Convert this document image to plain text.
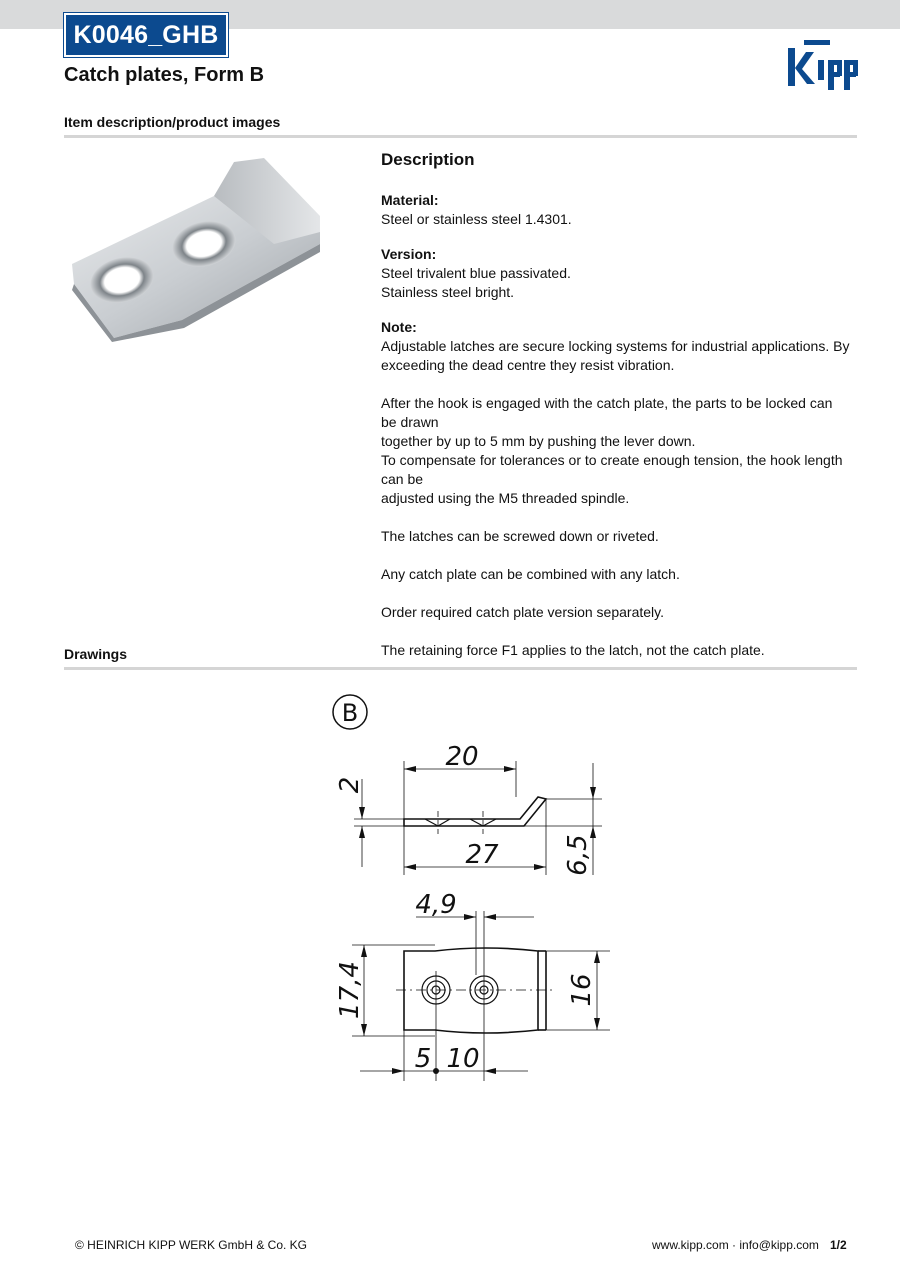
K0046_GHB
Catch plates, Form B
Kipp
Item description/product images
Description
Material:
Steel or stainless steel 1.4301.
Version:
Steel trivalent blue passivated.
Stainless steel bright.
Note:

Adjustable latches are secure locking systems for industrial applications. By
exceeding the dead centre they resist vibration.

After the hook is engaged with the catch plate, the parts to be locked can be drawn
together by up to 5 mm by pushing the lever down.
To compensate for tolerances or to create enough tension, the hook length can be
adjusted using the M5 threaded spindle.

The latches can be screwed down or riveted.

Any catch plate can be combined with any latch.

Order required catch plate version separately.

The retaining force F1 applies to the latch, not the catch plate.

Drawings
B
20
27
2
6,5
4,9
17,4	16
5 10
© HEINRICH KIPP WERK GmbH & Co. KG	www.kipp.com · info@kipp.com 1/2
